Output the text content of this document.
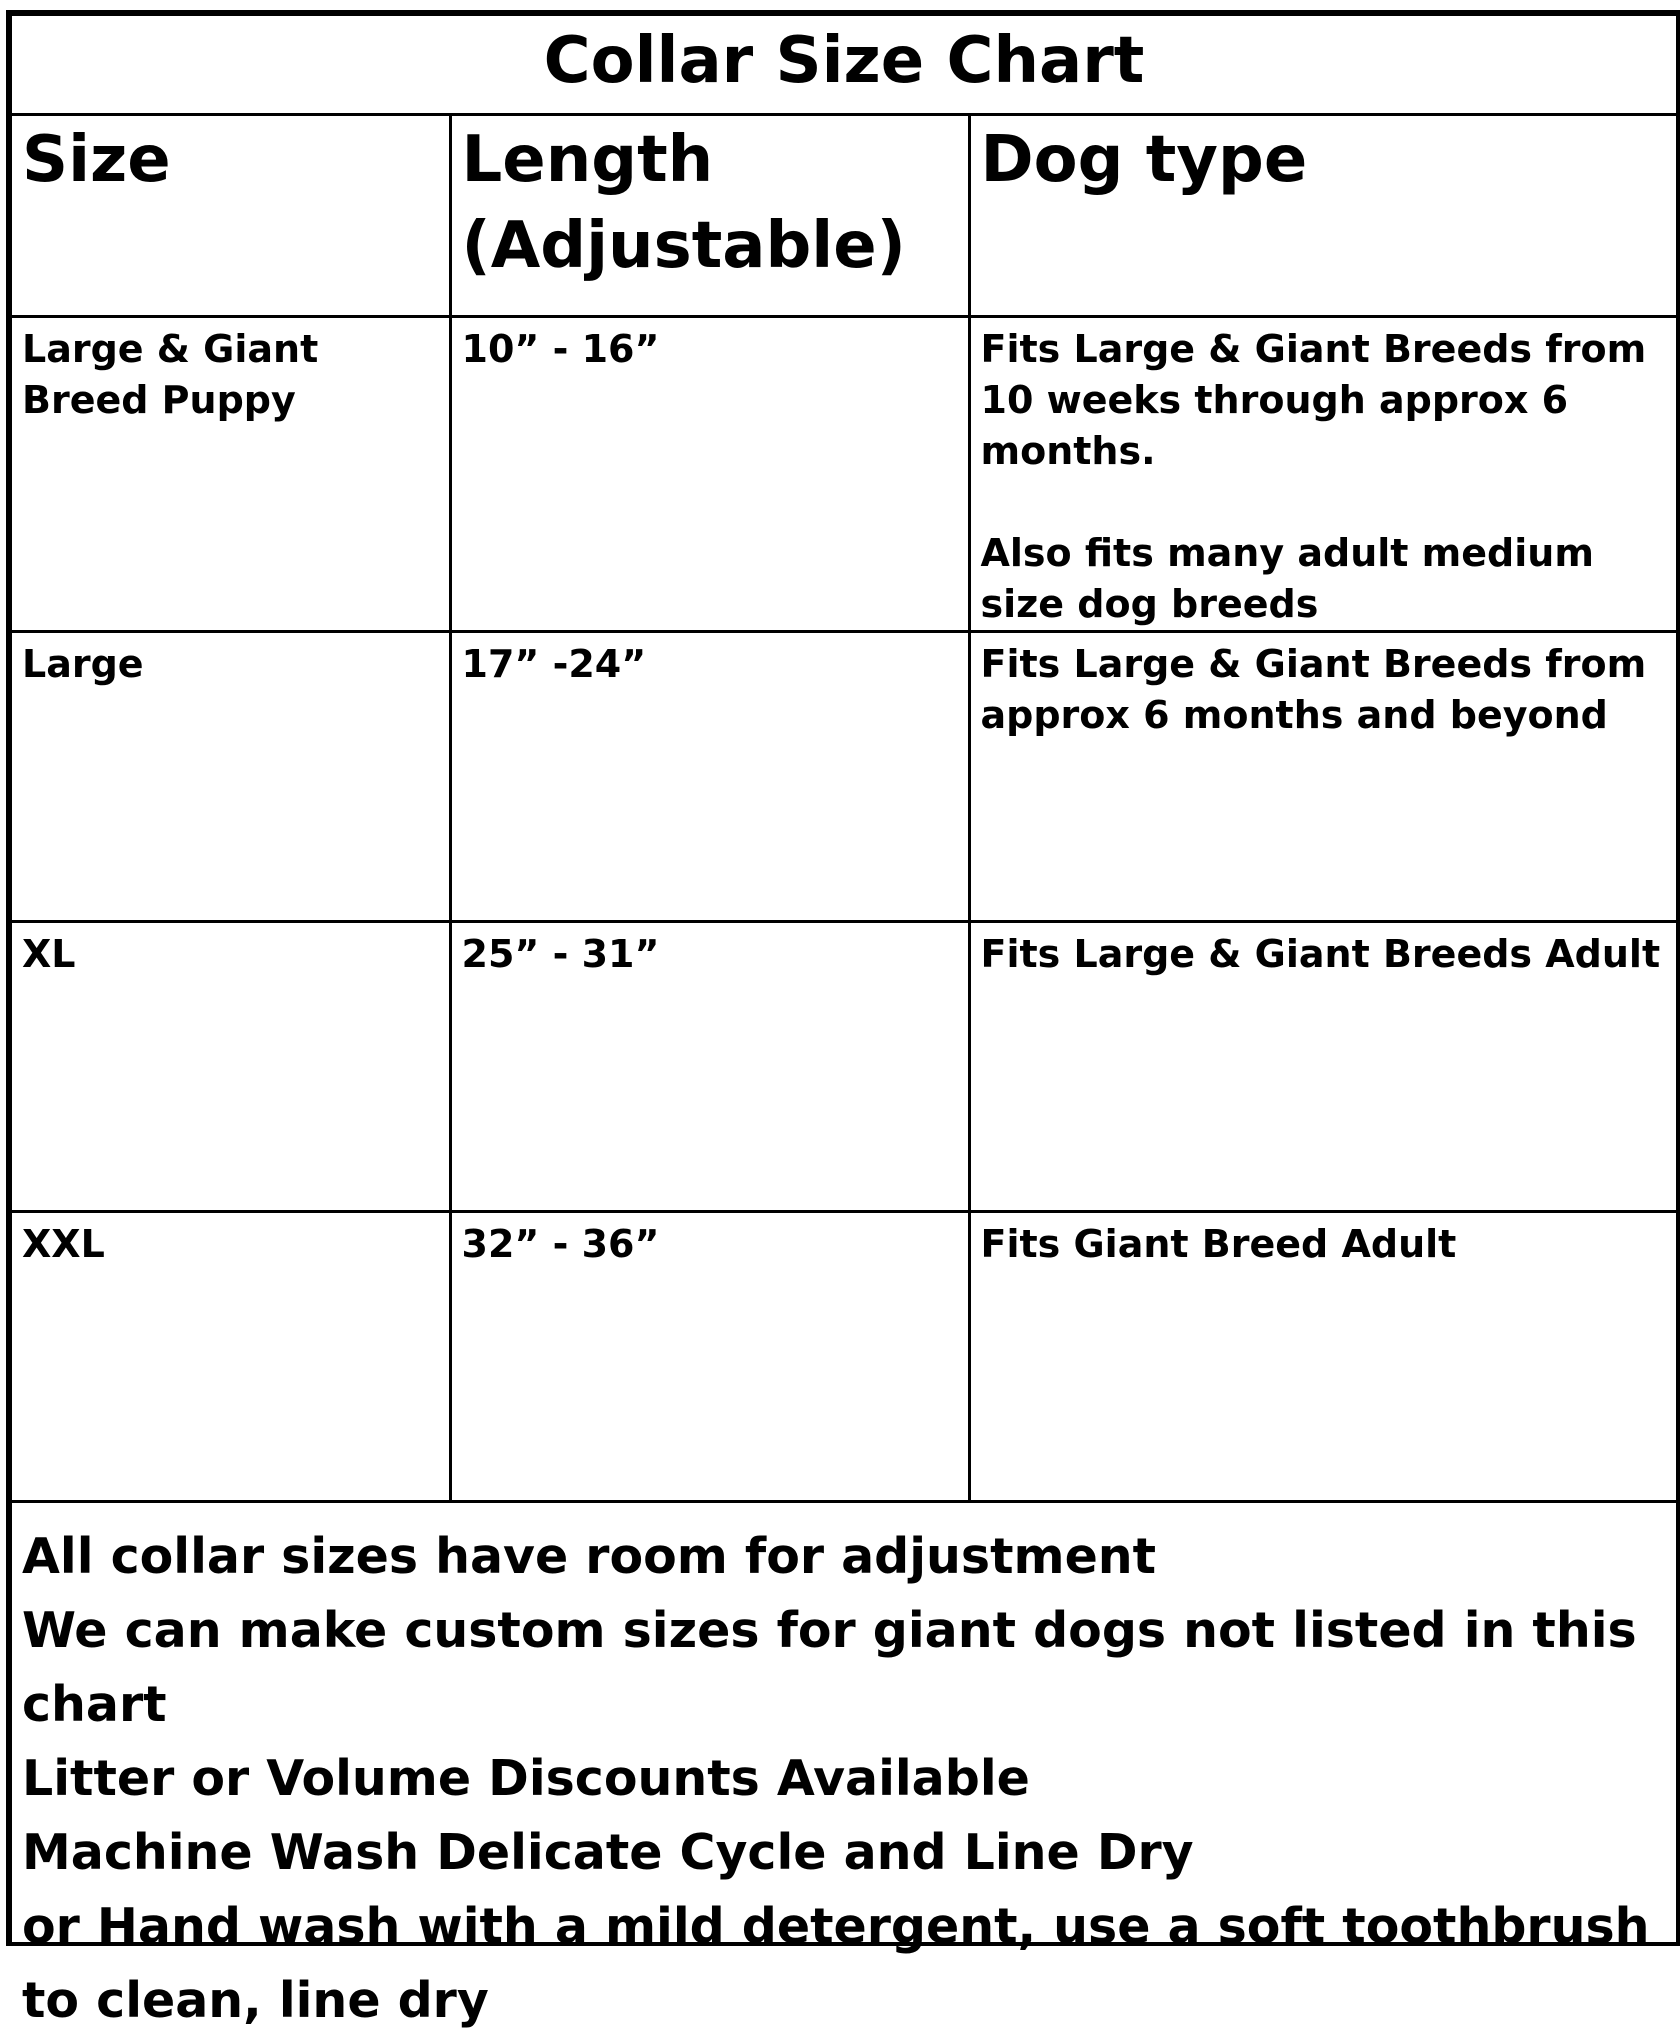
Collar Size Chart
Size	Length (Adjustable)	Dog type
Large & Giant Breed Puppy	10” - 16”	Fits Large & Giant Breeds from 10 weeks through approx 6 months.

Also fits many adult medium size dog breeds

Large	17” -24”	Fits Large & Giant Breeds from approx 6 months and beyond

XL	25” - 31”	Fits Large & Giant Breeds Adult

XXL	32” - 36”	Fits Giant Breed Adult

All collar sizes have room for adjustment
We can make custom sizes for giant dogs not listed in this chart
Litter or Volume Discounts Available
Machine Wash Delicate Cycle and Line Dry
or Hand wash with a mild detergent, use a soft toothbrush to clean, line dry
